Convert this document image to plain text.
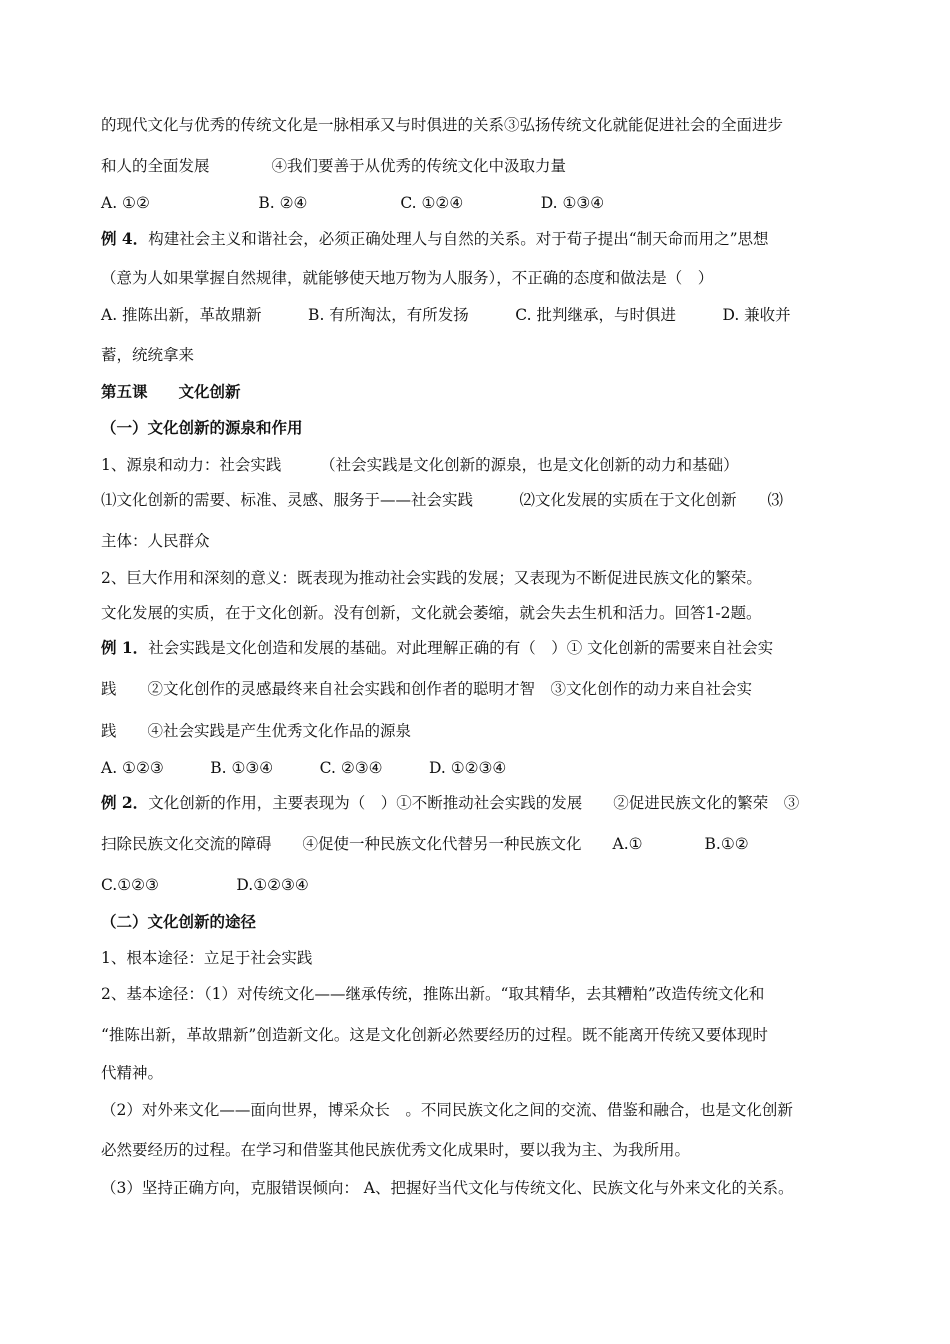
的现代文化与优秀的传统文化是一脉相承又与时俱进的关系③弘扬传统文化就能促进社会的全面进步
和人的全面发展　　　　④我们要善于从优秀的传统文化中汲取力量
A. ①②　　　　　　　B. ②④　　　　　　C. ①②④　　　　　D. ①③④
例 4．构建社会主义和谐社会，必须正确处理人与自然的关系。对于荀子提出“制天命而用之”思想
（意为人如果掌握自然规律，就能够使天地万物为人服务），不正确的态度和做法是（　）
A. 推陈出新，革故鼎新　　　B. 有所淘汰，有所发扬　　　C. 批判继承，与时俱进　　　D. 兼收并
蓄，统统拿来
第五课　　文化创新
（一）文化创新的源泉和作用
1、源泉和动力：社会实践　　　（社会实践是文化创新的源泉，也是文化创新的动力和基础）
⑴文化创新的需要、标准、灵感、服务于——社会实践　　　⑵文化发展的实质在于文化创新　　⑶
主体：人民群众
2、巨大作用和深刻的意义：既表现为推动社会实践的发展；又表现为不断促进民族文化的繁荣。
文化发展的实质，在于文化创新。没有创新，文化就会萎缩，就会失去生机和活力。回答1-2题。
例 1．社会实践是文化创造和发展的基础。对此理解正确的有（　）① 文化创新的需要来自社会实
践　　②文化创作的灵感最终来自社会实践和创作者的聪明才智　③文化创作的动力来自社会实
践　　④社会实践是产生优秀文化作品的源泉
A. ①②③　　　B. ①③④　　　C. ②③④　　　D. ①②③④
例 2．文化创新的作用，主要表现为（　）①不断推动社会实践的发展　　②促进民族文化的繁荣　③
扫除民族文化交流的障碍　　④促使一种民族文化代替另一种民族文化　　A.①　　　　B.①②
C.①②③　　　　　D.①②③④
（二）文化创新的途径
1、根本途径：立足于社会实践
2、基本途径：（1）对传统文化——继承传统，推陈出新。“取其精华，去其糟粕”改造传统文化和
“推陈出新，革故鼎新”创造新文化。这是文化创新必然要经历的过程。既不能离开传统又要体现时
代精神。
（2）对外来文化——面向世界，博采众长　。不同民族文化之间的交流、借鉴和融合，也是文化创新
必然要经历的过程。在学习和借鉴其他民族优秀文化成果时，要以我为主、为我所用。
（3）坚持正确方向，克服错误倾向： A、把握好当代文化与传统文化、民族文化与外来文化的关系。
